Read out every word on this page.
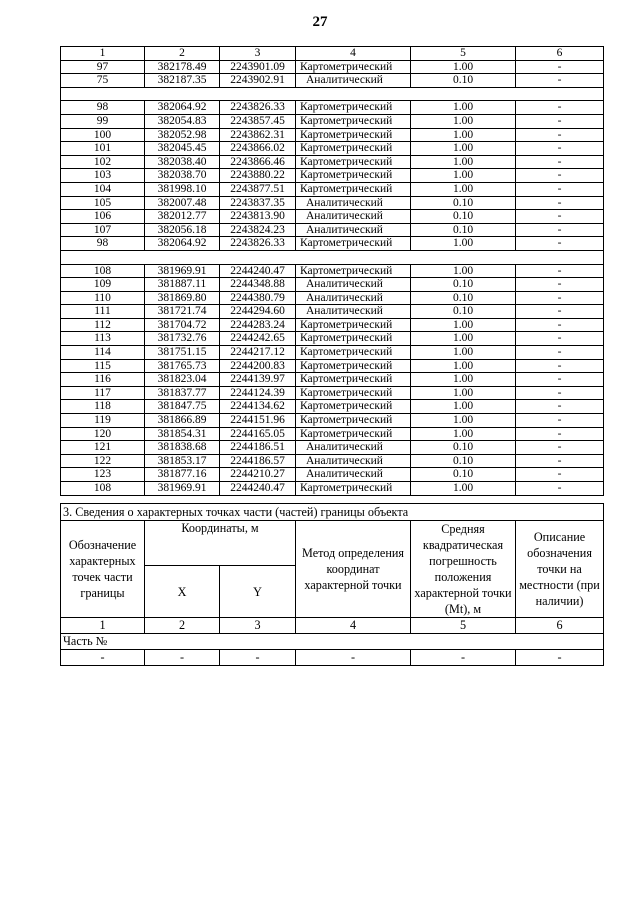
27
1	2	3	4	5	6
97	382178.49	2243901.09	Картометрический	1.00	-
75	382187.35	2243902.91	Аналитический	0.10	-

98	382064.92	2243826.33	Картометрический	1.00	-
99	382054.83	2243857.45	Картометрический	1.00	-
100	382052.98	2243862.31	Картометрический	1.00	-
101	382045.45	2243866.02	Картометрический	1.00	-
102	382038.40	2243866.46	Картометрический	1.00	-
103	382038.70	2243880.22	Картометрический	1.00	-
104	381998.10	2243877.51	Картометрический	1.00	-
105	382007.48	2243837.35	Аналитический	0.10	-
106	382012.77	2243813.90	Аналитический	0.10	-
107	382056.18	2243824.23	Аналитический	0.10	-
98	382064.92	2243826.33	Картометрический	1.00	-

108	381969.91	2244240.47	Картометрический	1.00	-
109	381887.11	2244348.88	Аналитический	0.10	-
110	381869.80	2244380.79	Аналитический	0.10	-
111	381721.74	2244294.60	Аналитический	0.10	-
112	381704.72	2244283.24	Картометрический	1.00	-
113	381732.76	2244242.65	Картометрический	1.00	-
114	381751.15	2244217.12	Картометрический	1.00	-
115	381765.73	2244200.83	Картометрический	1.00	-
116	381823.04	2244139.97	Картометрический	1.00	-
117	381837.77	2244124.39	Картометрический	1.00	-
118	381847.75	2244134.62	Картометрический	1.00	-
119	381866.89	2244151.96	Картометрический	1.00	-
120	381854.31	2244165.05	Картометрический	1.00	-
121	381838.68	2244186.51	Аналитический	0.10	-
122	381853.17	2244186.57	Аналитический	0.10	-
123	381877.16	2244210.27	Аналитический	0.10	-
108	381969.91	2244240.47	Картометрический	1.00	-
3. Сведения о характерных точках части (частей) границы объекта					
Обозначение характерных точек части границы	Координаты, м		Метод определения координат характерной точки	Средняя квадратическая погрешность положения характерной точки (Mt), м	Описание обозначения точки на местности (при наличии)
	X	Y			
1	2	3	4	5	6
Часть №					
-	-	-	-	-	-
